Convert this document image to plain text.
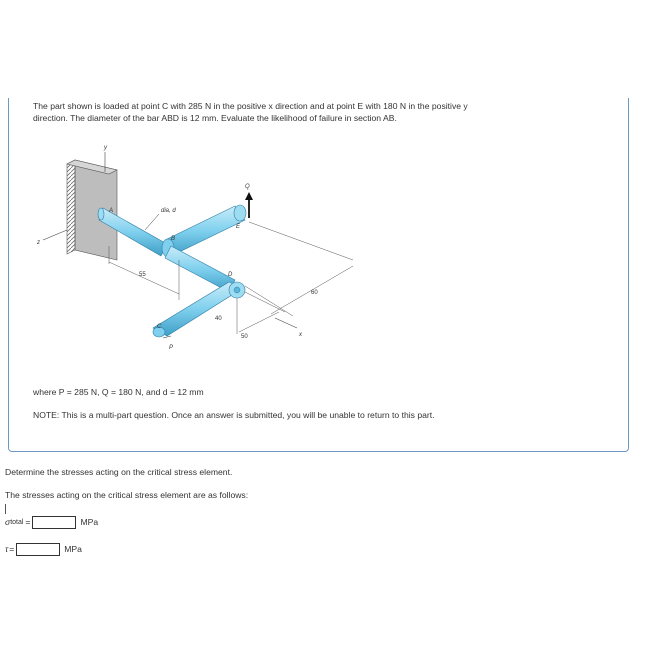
The part shown is loaded at point C with 285 N in the positive x direction and at point E with 180 N in the positive y
direction. The diameter of the bar ABD is 12 mm. Evaluate the likelihood of failure in section AB.
y
z
A
B
E
Q
D
C
P
dia, d
55
40
50
60
x
where P = 285 N, Q = 180 N, and d = 12 mm
NOTE: This is a multi-part question. Once an answer is submitted, you will be unable to return to this part.
Determine the stresses acting on the critical stress element.
The stresses acting on the critical stress element are as follows:
σ total =	MPa
τ =	MPa
